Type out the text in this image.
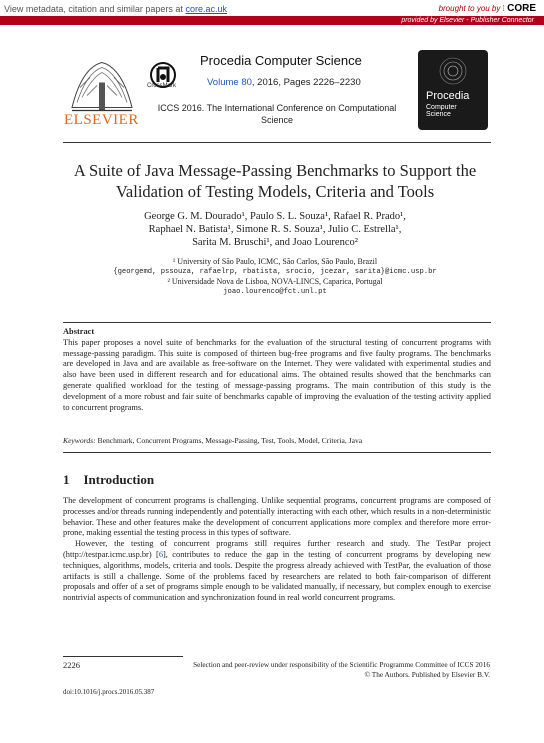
View metadata, citation and similar papers at core.ac.uk	brought to you by ⁞ CORE
provided by Elsevier - Publisher Connector
ELSEVIER
CrossMark
Procedia Computer Science
Volume 80, 2016, Pages 2226–2230
ICCS 2016. The International Conference on Computational Science
Procedia
Computer
Science
A Suite of Java Message-Passing Benchmarks to Support the Validation of Testing Models, Criteria and Tools
George G. M. Dourado¹, Paulo S. L. Souza¹, Rafael R. Prado¹,
Raphael N. Batista¹, Simone R. S. Souza¹, Julio C. Estrella¹,
Sarita M. Bruschi¹, and Joao Lourenco²
¹ University of São Paulo, ICMC, São Carlos, São Paulo, Brazil
{georgemd, pssouza, rafaelrp, rbatista, srocio, jcezar, sarita}@icmc.usp.br
² Universidade Nova de Lisboa, NOVA-LINCS, Caparica, Portugal
joao.lourenco@fct.unl.pt
Abstract
This paper proposes a novel suite of benchmarks for the evaluation of the structural testing of concurrent programs with message-passing paradigm. This suite is composed of thirteen bug-free programs and five faulty programs. The benchmarks are developed in Java and are available as free-software on the Internet. They were validated with experimental studies and also have been used in different research and for educational aims. The obtained results showed that the benchmarks can generate qualified workload for the testing of message-passing programs. The main contribution of this study is the development of a more robust and fair suite of benchmarks capable of improving the evaluation of the testing activity applied to concurrent programs.
Keywords: Benchmark, Concurrent Programs, Message-Passing, Test, Tools, Model, Criteria, Java
1 Introduction

The development of concurrent programs is challenging. Unlike sequential programs, concurrent programs are composed of processes and/or threads running independently and potentially interacting with each other, which results in a non-deterministic behavior. These and other features make the development of concurrent applications more complex and therefore more error-prone, making essential the testing process in this types of software.

However, the testing of concurrent programs still requires further research and study. The TestPar project (http://testpar.icmc.usp.br) [6], contributes to reduce the gap in the testing of concurrent programs by developing new techniques, algorithms, models, criteria and tools. Despite the progress already achieved with TestPar, the evaluation of those artifacts is still a challenge. Some of the problems faced by researchers are related to both fair-comparison of different proposals and offer of a set of programs simple enough to be validated manually, if necessary, but complex enough to exercise nontrivial aspects of communication and synchronization found in real world concurrent programs.

2226	Selection and peer-review under responsibility of the Scientific Programme Committee of ICCS 2016
© The Authors. Published by Elsevier B.V.
doi:10.1016/j.procs.2016.05.387
